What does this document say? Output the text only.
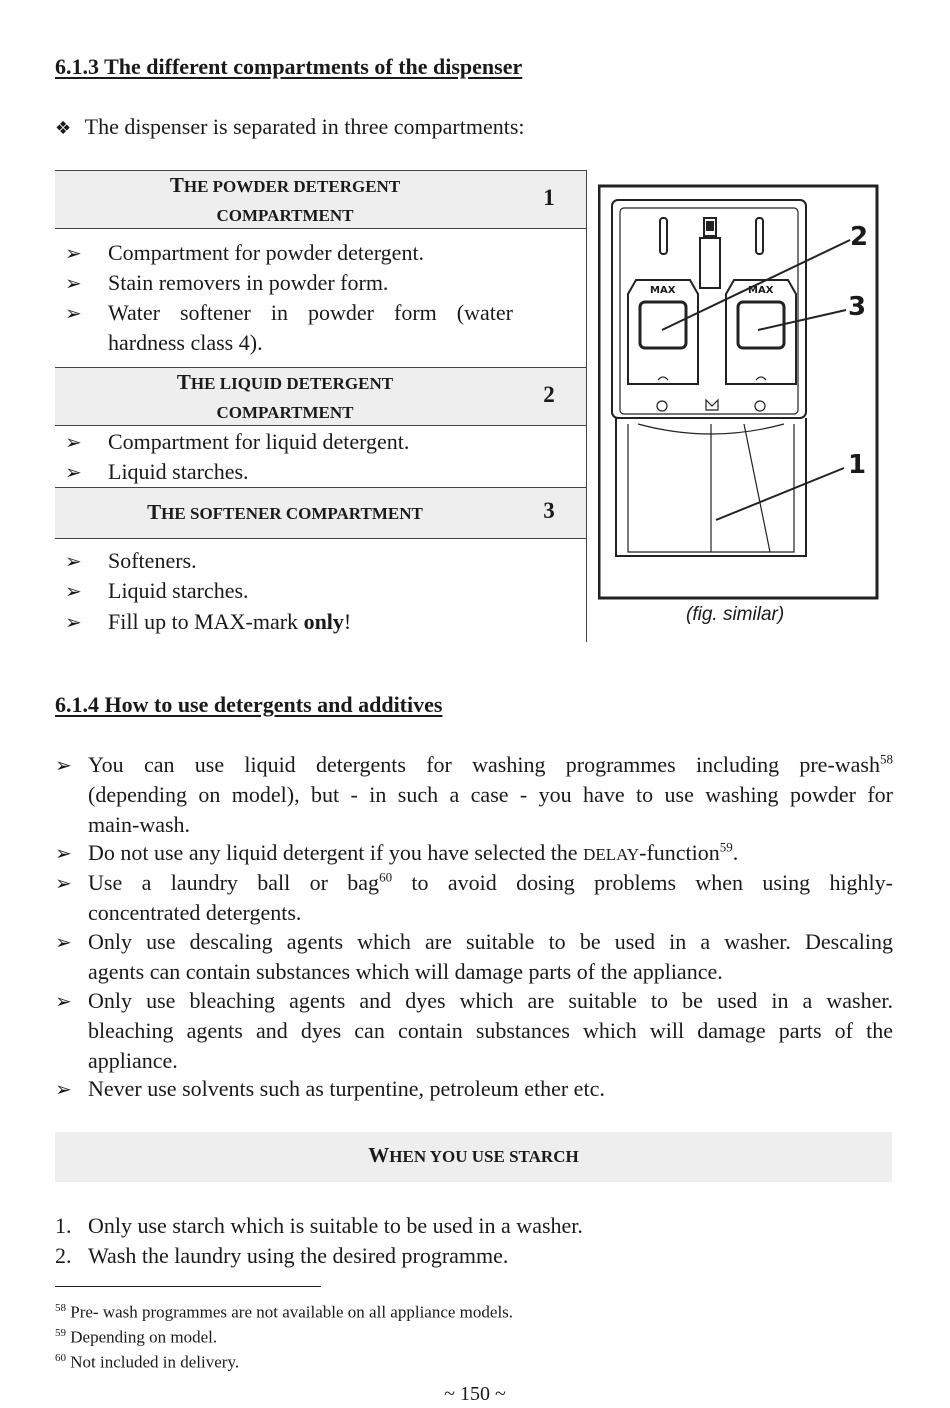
6.1.3 The different compartments of the dispenser
❖ The dispenser is separated in three compartments:
THE POWDER DETERGENT
COMPARTMENT
1
➢ Compartment for powder detergent.
➢ Stain removers in powder form.
➢ Water softener in powder form (water
hardness class 4).
THE LIQUID DETERGENT
COMPARTMENT
2
➢ Compartment for liquid detergent.
➢ Liquid starches.
THE SOFTENER COMPARTMENT	3
➢ Softeners.
➢ Liquid starches.
➢ Fill up to MAX-mark only!
MAX	MAX
2
3
1
(fig. similar)
6.1.4 How to use detergents and additives
➢ You can use liquid detergents for washing programmes including pre-wash$^{58}$
(depending on model), but - in such a case - you have to use washing powder for
main-wash.
➢ Do not use any liquid detergent if you have selected the DELAY-function$^{59}$.
➢ Use a laundry ball or bag$^{60}$ to avoid dosing problems when using highly-
concentrated detergents.
➢ Only use descaling agents which are suitable to be used in a washer. Descaling
agents can contain substances which will damage parts of the appliance.
➢ Only use bleaching agents and dyes which are suitable to be used in a washer.
bleaching agents and dyes can contain substances which will damage parts of the
appliance.
➢ Never use solvents such as turpentine, petroleum ether etc.
WHEN YOU USE STARCH
1. Only use starch which is suitable to be used in a washer.
2. Wash the laundry using the desired programme.
$^{58}$ Pre- wash programmes are not available on all appliance models.
$^{59}$ Depending on model.
$^{60}$ Not included in delivery.
~ 150 ~
